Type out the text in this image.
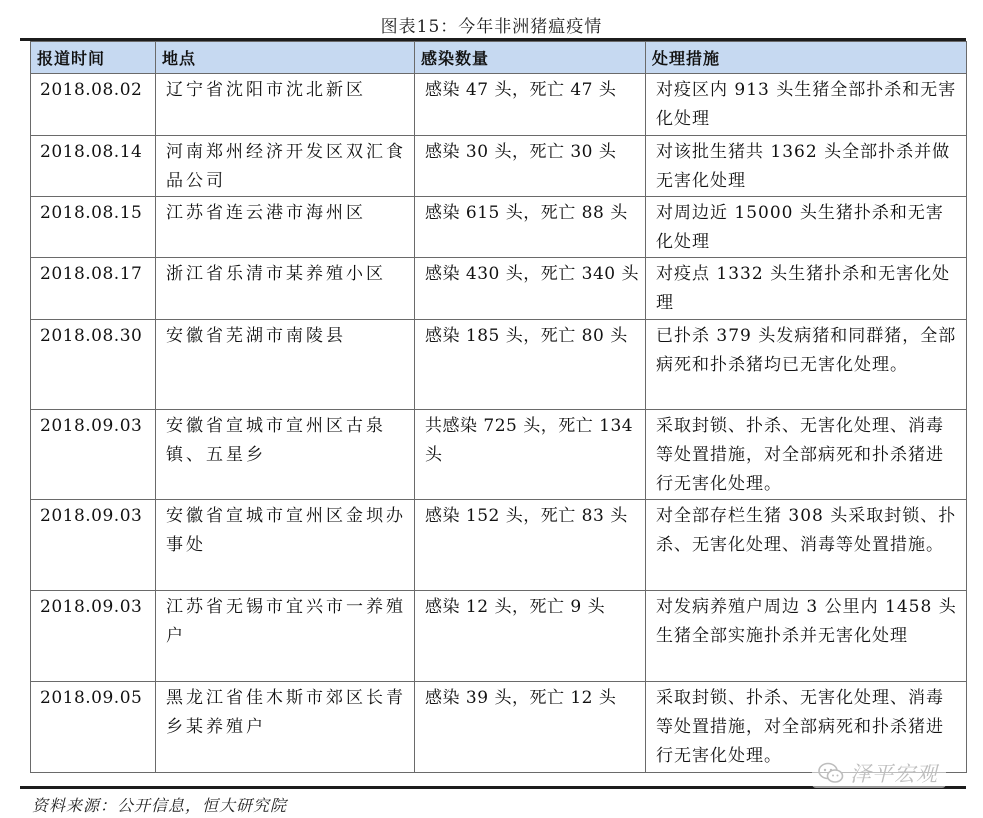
图表15：今年非洲猪瘟疫情
报道时间	地点	感染数量	处理措施
2018.08.02	辽宁省沈阳市沈北新区	感染 47 头，死亡 47 头	对疫区内 913 头生猪全部扑杀和无害化处理
2018.08.14	河南郑州经济开发区双汇食品公司	感染 30 头，死亡 30 头	对该批生猪共 1362 头全部扑杀并做无害化处理
2018.08.15	江苏省连云港市海州区	感染 615 头，死亡 88 头	对周边近 15000 头生猪扑杀和无害化处理
2018.08.17	浙江省乐清市某养殖小区	感染 430 头，死亡 340 头	对疫点 1332 头生猪扑杀和无害化处理
2018.08.30	安徽省芜湖市南陵县	感染 185 头，死亡 80 头	已扑杀 379 头发病猪和同群猪，全部病死和扑杀猪均已无害化处理。
2018.09.03	安徽省宣城市宣州区古泉镇、五星乡	共感染 725 头，死亡 134 头	采取封锁、扑杀、无害化处理、消毒等处置措施，对全部病死和扑杀猪进行无害化处理。
2018.09.03	安徽省宣城市宣州区金坝办事处	感染 152 头，死亡 83 头	对全部存栏生猪 308 头采取封锁、扑杀、无害化处理、消毒等处置措施。
2018.09.03	江苏省无锡市宜兴市一养殖户	感染 12 头，死亡 9 头	对发病养殖户周边 3 公里内 1458 头生猪全部实施扑杀并无害化处理
2018.09.05	黑龙江省佳木斯市郊区长青乡某养殖户	感染 39 头，死亡 12 头	采取封锁、扑杀、无害化处理、消毒等处置措施，对全部病死和扑杀猪进行无害化处理。
资料来源：公开信息，恒大研究院
泽平宏观
